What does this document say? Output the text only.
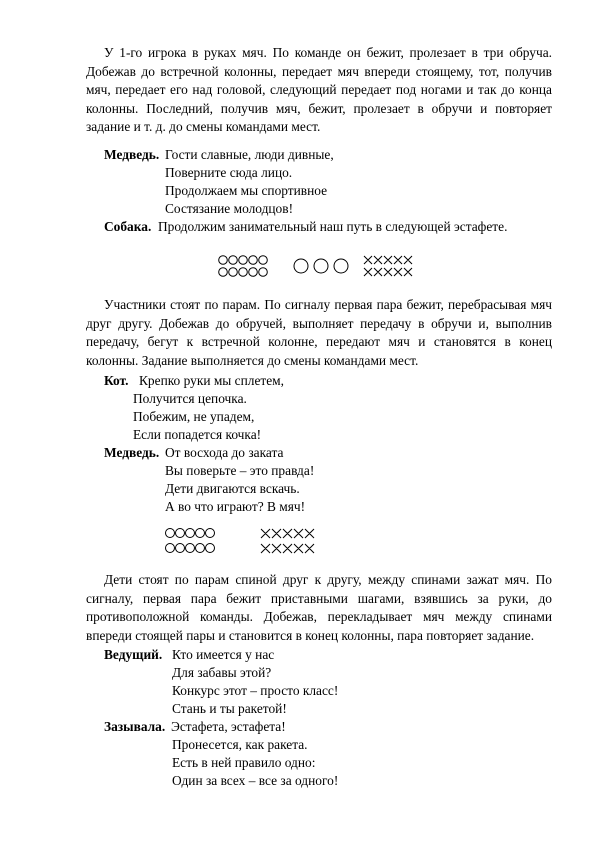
У 1-го игрока в руках мяч. По команде он бежит, пролезает в три обруча. Добежав до встречной колонны, передает мяч впереди стоящему, тот, получив мяч, передает его над головой, следующий передает под ногами и так до конца колонны. Последний, получив мяч, бежит, пролезает в обручи и повторяет задание и т. д. до смены командами мест.

Медведь. Гости славные, люди дивные,
Поверните сюда лицо.
Продолжаем мы спортивное
Состязание молодцов!
Собака. Продолжим занимательный наш путь в следующей эстафете.

Участники стоят по парам. По сигналу первая пара бежит, перебрасывая мяч друг другу. Добежав до обручей, выполняет передачу в обручи и, выполнив передачу, бегут к встречной колонне, передают мяч и становятся в конец колонны. Задание выполняется до смены командами мест.

Кот. Крепко руки мы сплетем,
Получится цепочка.
Побежим, не упадем,
Если попадется кочка!
Медведь. От восхода до заката
Вы поверьте – это правда!
Дети двигаются вскачь.
А во что играют? В мяч!

Дети стоят по парам спиной друг к другу, между спинами зажат мяч. По сигналу, первая пара бежит приставными шагами, взявшись за руки, до противоположной команды. Добежав, перекладывает мяч между спинами впереди стоящей пары и становится в конец колонны, пара повторяет задание.

Ведущий. Кто имеется у нас
Для забавы этой?
Конкурс этот – просто класс!
Стань и ты ракетой!
Зазывала. Эстафета, эстафета!
Пронесется, как ракета.
Есть в ней правило одно:
Один за всех – все за одного!
